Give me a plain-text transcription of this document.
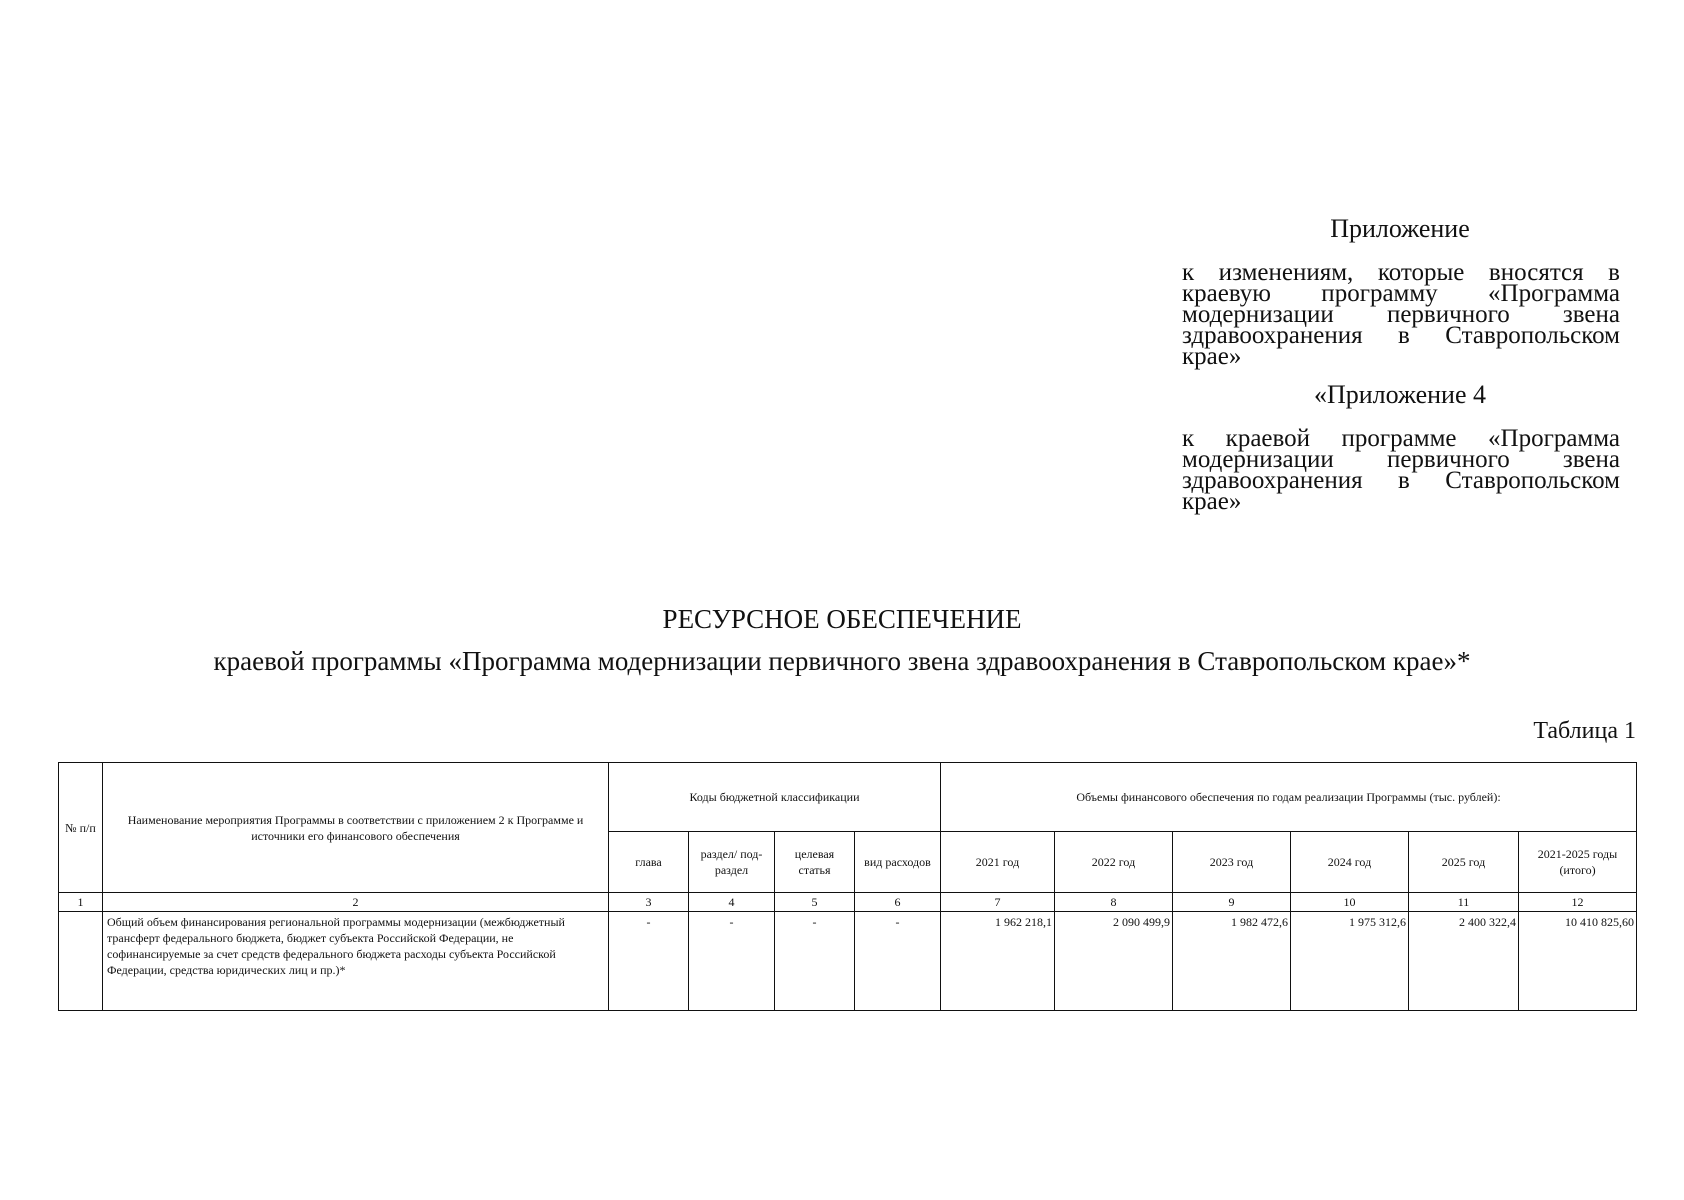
Приложение
к изменениям, которые вносятся в краевую программу «Программа модернизации первичного звена здравоохранения в Ставропольском крае»
«Приложение 4
к краевой программе «Программа модернизации первичного звена здравоохранения в Ставропольском крае»
РЕСУРСНОЕ ОБЕСПЕЧЕНИЕ
краевой программы «Программа модернизации первичного звена здравоохранения в Ставропольском крае»*
Таблица 1
№ п/п	Наименование мероприятия Программы в соответствии с приложением 2 к Программе и источники его финансового обеспечения	Коды бюджетной классификации				Объемы финансового обеспечения по годам реализации Программы (тыс. рублей):					
		глава	раздел/ под-раздел	целевая статья	вид расходов	2021 год	2022 год	2023 год	2024 год	2025 год	2021-2025 годы (итого)
1	2	3	4	5	6	7	8	9	10	11	12
	Общий объем финансирования региональной программы модернизации (межбюджетный трансферт федерального бюджета, бюджет субъекта Российской Федерации, не софинансируемые за счет средств федерального бюджета расходы субъекта Российской Федерации, средства юридических лиц и пр.)*	-	-	-	-	1 962 218,1	2 090 499,9	1 982 472,6	1 975 312,6	2 400 322,4	10 410 825,60
